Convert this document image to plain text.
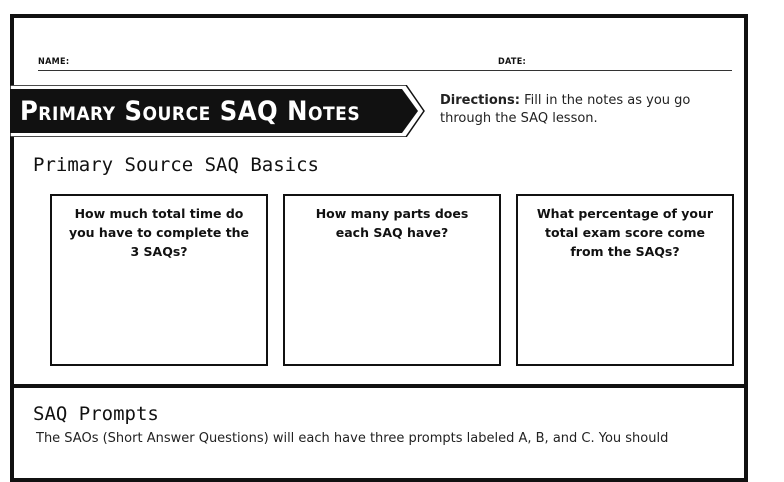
NAME:	DATE:
Primary Source SAQ Notes	Directions: Fill in the notes as you go through the SAQ lesson.
Primary Source SAQ Basics
How much total time do you have to complete the 3 SAQs?
How many parts does each SAQ have?
What percentage of your total exam score come from the SAQs?
SAQ Prompts
The SAOs (Short Answer Questions) will each have three prompts labeled A, B, and C. You should
